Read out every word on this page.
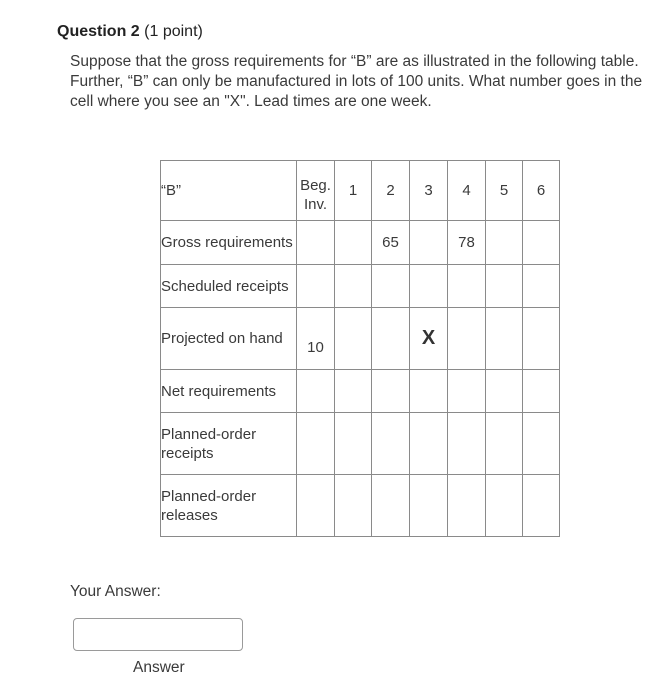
Question 2 (1 point)
Suppose that the gross requirements for “B” are as illustrated in the following table. Further, “B” can only be manufactured in lots of 100 units. What number goes in the cell where you see an "X". Lead times are one week.
“B”	Beg. Inv.	1	2	3	4	5	6
Gross requirements			65		78		
Scheduled receipts							
Projected on hand	10			X			
Net requirements							
Planned-order receipts							
Planned-order releases							
Your Answer:
Answer
